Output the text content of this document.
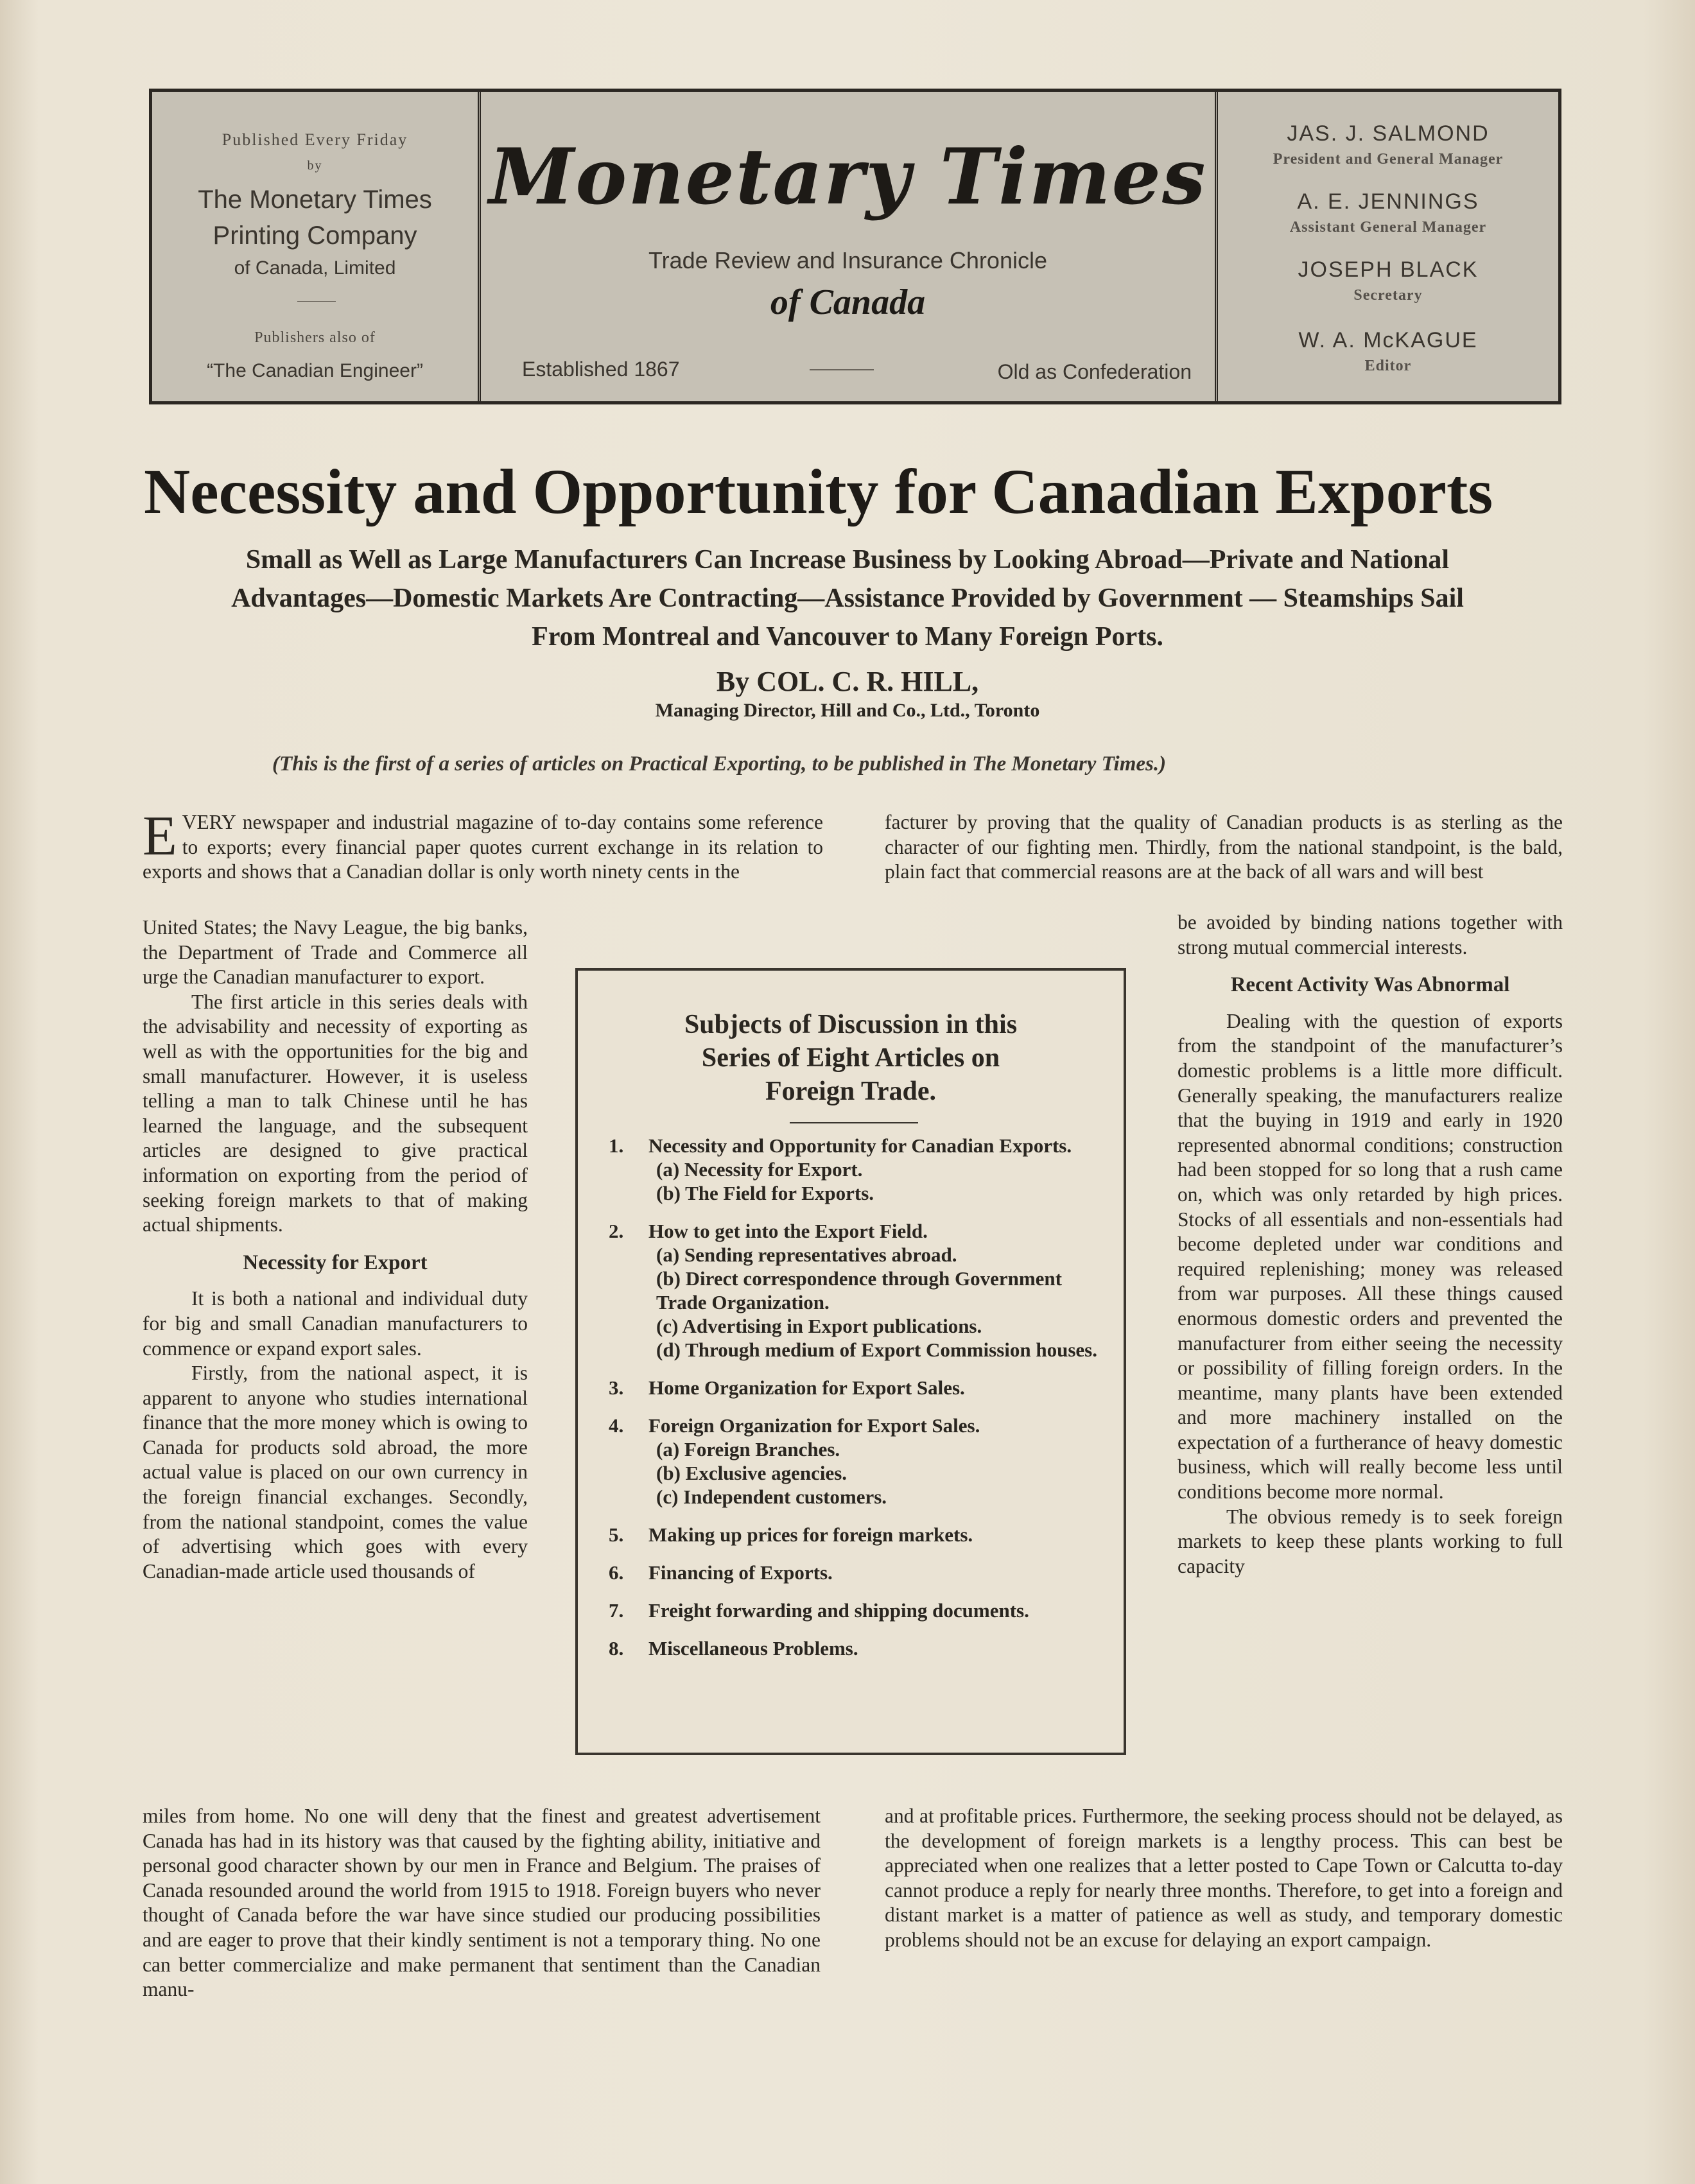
Published Every Friday
by
The Monetary Times
Printing Company
of Canada, Limited
Publishers also of
“The Canadian Engineer”
Monetary Times
Trade Review and Insurance Chronicle
of Canada
Established 1867	Old as Confederation
JAS. J. SALMOND
President and General Manager
A. E. JENNINGS
Assistant General Manager
JOSEPH BLACK
Secretary
W. A. McKAGUE
Editor
Necessity and Opportunity for Canadian Exports
Small as Well as Large Manufacturers Can Increase Business by Looking Abroad—Private and National Advantages—Domestic Markets Are Contracting—Assistance Provided by Government — Steamships Sail From Montreal and Vancouver to Many Foreign Ports.
By COL. C. R. HILL,
Managing Director, Hill and Co., Ltd., Toronto
(This is the first of a series of articles on Practical Exporting, to be published in The Monetary Times.)
EVERY newspaper and industrial magazine of to-day contains some reference to exports; every financial paper quotes current exchange in its relation to exports and shows that a Canadian dollar is only worth ninety cents in the

United States; the Navy League, the big banks, the Department of Trade and Commerce all urge the Canadian manufacturer to export.

The first article in this series deals with the advisability and necessity of exporting as well as with the opportunities for the big and small manufacturer. However, it is useless telling a man to talk Chinese until he has learned the language, and the subsequent articles are designed to give practical information on exporting from the period of seeking foreign markets to that of making actual shipments.

Necessity for Export

It is both a national and individual duty for big and small Canadian manufacturers to commence or expand export sales.

Firstly, from the national aspect, it is apparent to anyone who studies international finance that the more money which is owing to Canada for products sold abroad, the more actual value is placed on our own currency in the foreign financial exchanges. Secondly, from the national standpoint, comes the value of advertising which goes with every Canadian-made article used thousands of

miles from home. No one will deny that the finest and greatest advertisement Canada has had in its history was that caused by the fighting ability, initiative and personal good character shown by our men in France and Belgium. The praises of Canada resounded around the world from 1915 to 1918. Foreign buyers who never thought of Canada before the war have since studied our producing possibilities and are eager to prove that their kindly sentiment is not a temporary thing. No one can better commercialize and make permanent that sentiment than the Canadian manu-
facturer by proving that the quality of Canadian products is as sterling as the character of our fighting men. Thirdly, from the national standpoint, is the bald, plain fact that commercial reasons are at the back of all wars and will best

be avoided by binding nations together with strong mutual commercial interests.

Recent Activity Was Abnormal

Dealing with the question of exports from the standpoint of the manufacturer’s domestic problems is a little more difficult. Generally speaking, the manufacturers realize that the buying in 1919 and early in 1920 represented abnormal conditions; construction had been stopped for so long that a rush came on, which was only retarded by high prices. Stocks of all essentials and non-essentials had become depleted under war conditions and required replenishing; money was released from war purposes. All these things caused enormous domestic orders and prevented the manufacturer from either seeing the necessity or possibility of filling foreign orders. In the meantime, many plants have been extended and more machinery installed on the expectation of a furtherance of heavy domestic business, which will really become less until conditions become more normal.

The obvious remedy is to seek foreign markets to keep these plants working to full capacity

and at profitable prices. Furthermore, the seeking process should not be delayed, as the development of foreign markets is a lengthy process. This can best be appreciated when one realizes that a letter posted to Cape Town or Calcutta to-day cannot produce a reply for nearly three months. Therefore, to get into a foreign and distant market is a matter of patience as well as study, and temporary domestic problems should not be an excuse for delaying an export campaign.
Subjects of Discussion in this
Series of Eight Articles on
Foreign Trade.
1. Necessity and Opportunity for Canadian Exports.

(a) Necessity for Export.

(b) The Field for Exports.

2. How to get into the Export Field.

(a) Sending representatives abroad.

(b) Direct correspondence through Government Trade Organization.

(c) Advertising in Export publications.

(d) Through medium of Export Commission houses.

3. Home Organization for Export Sales.
4. Foreign Organization for Export Sales.

(a) Foreign Branches.

(b) Exclusive agencies.

(c) Independent customers.

5. Making up prices for foreign markets.
6. Financing of Exports.
7. Freight forwarding and shipping documents.
8. Miscellaneous Problems.
